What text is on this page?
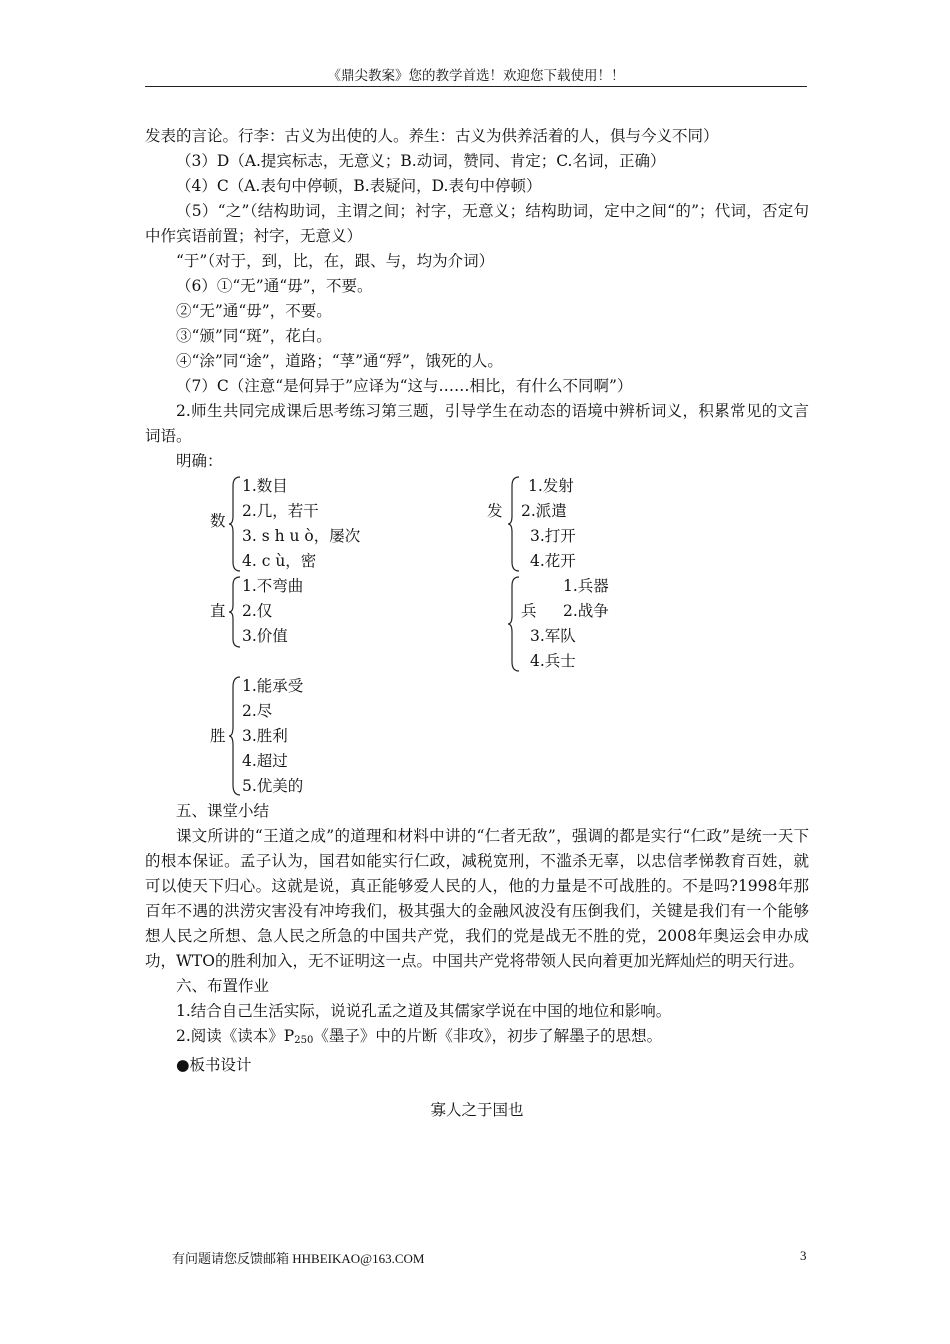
《鼎尖教案》您的教学首选！欢迎您下载使用！！

发表的言论。行李：古义为出使的人。养生：古义为供养活着的人，俱与今义不同）

（3）D（A.提宾标志，无意义；B.动词，赞同、肯定；C.名词，正确）

（4）C（A.表句中停顿，B.表疑问，D.表句中停顿）

（5）“之”（结构助词，主谓之间；衬字，无意义；结构助词，定中之间“的”；代词，否定句中作宾语前置；衬字，无意义）

“于”（对于，到，比，在，跟、与，均为介词）

（6）①“无”通“毋”，不要。

②“无”通“毋”，不要。

③“颁”同“斑”，花白。

④“涂”同“途”，道路；“莩”通“殍”，饿死的人。

（7）C（注意“是何异于”应译为“这与……相比，有什么不同啊”）

2.师生共同完成课后思考练习第三题，引导学生在动态的语境中辨析词义，积累常见的文言词语。

明确：

数
1.数目
2.几，若干
3. s h u ò，屡次
4. c ù，密
发
1.发射
2.派遣
3.打开
4.花开
直
1.不弯曲
2.仅
3.价值
兵
1.兵器
2.战争
3.军队
4.兵士
胜
1.能承受
2.尽
3.胜利
4.超过
5.优美的

五、课堂小结

课文所讲的“王道之成”的道理和材料中讲的“仁者无敌”，强调的都是实行“仁政”是统一天下的根本保证。孟子认为，国君如能实行仁政，减税宽刑，不滥杀无辜，以忠信孝悌教育百姓，就可以使天下归心。这就是说，真正能够爱人民的人，他的力量是不可战胜的。不是吗?1998年那百年不遇的洪涝灾害没有冲垮我们，极其强大的金融风波没有压倒我们，关键是我们有一个能够想人民之所想、急人民之所急的中国共产党，我们的党是战无不胜的党，2008年奥运会申办成功，WTO的胜利加入，无不证明这一点。中国共产党将带领人民向着更加光辉灿烂的明天行进。

六、布置作业

1.结合自己生活实际，说说孔孟之道及其儒家学说在中国的地位和影响。

2.阅读《读本》$P_{250}$《墨子》中的片断《非攻》，初步了解墨子的思想。

●板书设计

寡人之于国也
有问题请您反馈邮箱 HHBEIKAO@163.COM	3
